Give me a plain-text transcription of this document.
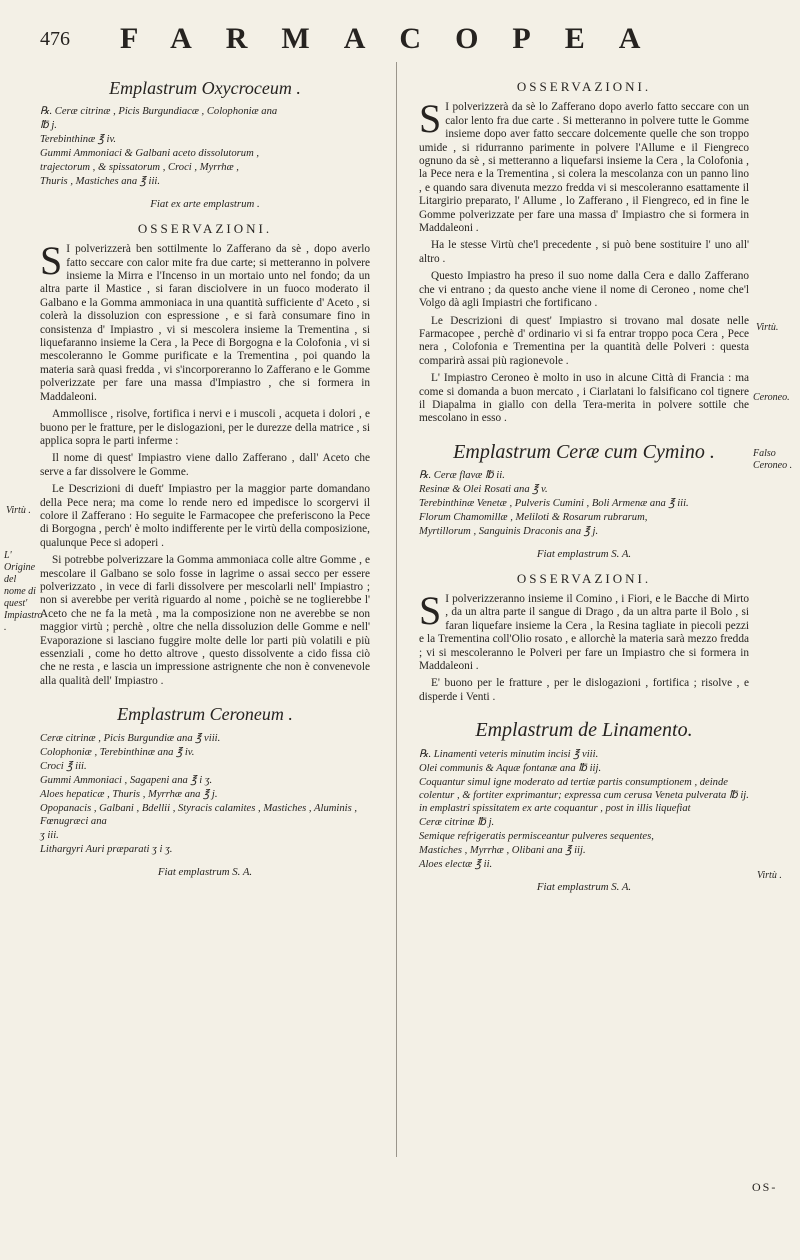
476 FARMACOPEA
Emplastrum Oxycroceum .
℞. Ceræ citrinæ , Picis Burgundiacæ , Colophoniæ ana
℔ j.
Terebinthinæ ℥ iv.
Gummi Ammoniaci & Galbani aceto dissolutorum ,
trajectorum , & spissatorum , Croci , Myrrhæ ,
Thuris , Mastiches ana ℥ iii.
Fiat ex arte emplastrum .
OSSERVAZIONI.

S I polverizzerà ben sottilmente lo Zafferano da sè , dopo averlo fatto seccare con calor mite fra due carte; si metteranno in polvere insieme la Mirra e l'Incenso in un mortaio unto nel fondo; da un altra parte il Mastice , si faran disciolvere in un fuoco moderato il Galbano e la Gomma ammoniaca in una quantità sufficiente d' Aceto , si colerà la dissoluzion con espressione , e si farà consumare fino in consistenza d' Impiastro , vi si mescolera insieme la Trementina , si liquefaranno insieme la Cera , la Pece di Borgogna e la Colofonia , vi si mescoleranno le Gomme purificate e la Trementina , poi quando la materia sarà quasi fredda , vi s'incorporeranno lo Zafferano e le Gomme polverizzate per fare una massa d'Impiastro , che si formera in Maddaleoni.

Ammollisce , risolve, fortifica i nervi e i muscoli , acqueta i dolori , e buono per le fratture, per le dislogazioni, per le durezze della matrice , si applica sopra le parti inferme :

Il nome di quest' Impiastro viene dallo Zafferano , dall' Aceto che serve a far dissolvere le Gomme.

Le Descrizioni di dueft' Impiastro per la maggior parte domandano della Pece nera; ma come lo rende nero ed impedisce lo scorgervi il colore il Zafferano : Ho seguite le Farmacopee che preferiscono la Pece di Borgogna , perch' è molto indifferente per le virtù della composizione, qualunque Pece si adoperi .

Si potrebbe polverizzare la Gomma ammoniaca colle altre Gomme , e mescolare il Galbano se solo fosse in lagrime o assai secco per essere polverizzato , in vece di farli dissolvere per mescolarli nell' Impiastro ; non si averebbe per verità riguardo al nome , poichè se ne toglierebbe l' Aceto che ne fa la metà , ma la composizione non ne averebbe se non maggior virtù ; perchè , oltre che nella dissoluzion delle Gomme e nell' Evaporazione si lasciano fuggire molte delle lor parti più volatili e più essenziali , come ho detto altrove , questo dissolvente a cido fissa ciò che ne resta , e lascia un impressione astrignente che non è convenevole alla qualità dell' Impiastro .

Emplastrum Ceroneum .
Ceræ citrinæ , Picis Burgundiæ ana ℥ viii.
Colophoniæ , Terebinthinæ ana ℥ iv.
Croci ℥ iii.
Gummi Ammoniaci , Sagapeni ana ℥ i ʒ.
Aloes hepaticæ , Thuris , Myrrhæ ana ℥ j.
Opopanacis , Galbani , Bdellii , Styracis calamites , Mastiches , Aluminis , Fœnugræci ana
ʒ iii.
Lithargyri Auri præparati ʒ i ʒ.
Fiat emplastrum S. A.
Virtù .
L' Origine del nome di quest' Impiastro .
OSSERVAZIONI.

S I polverizzerà da sè lo Zafferano dopo averlo fatto seccare con un calor lento fra due carte . Si metteranno in polvere tutte le Gomme insieme dopo aver fatto seccare dolcemente quelle che son troppo umide , si ridurranno parimente in polvere l'Allume e il Fiengreco ognuno da sè , si metteranno a liquefarsi insieme la Cera , la Colofonia , la Pece nera e la Trementina , si colera la mescolanza con un panno lino , e quando sara divenuta mezzo fredda vi si mescoleranno esattamente il Litargirio preparato, l' Allume , lo Zafferano , il Fiengreco, ed in fine le Gomme polverizzate per fare una massa d' Impiastro che si formera in Maddaleoni .

Ha le stesse Virtù che'l precedente , si può bene sostituire l' uno all' altro .

Questo Impiastro ha preso il suo nome dalla Cera e dallo Zafferano che vi entrano ; da questo anche viene il nome di Ceroneo , nome che'l Volgo dà agli Impiastri che fortificano .

Le Descrizioni di quest' Impiastro si trovano mal dosate nelle Farmacopee , perchè d' ordinario vi si fa entrar troppo poca Cera , Pece nera , Colofonia e Trementina per la quantità delle Polveri : questa comparirà assai più ragionevole .

L' Impiastro Ceroneo è molto in uso in alcune Città di Francia : ma come si domanda a buon mercato , i Ciarlatani lo falsificano col tignere il Diapalma in giallo con della Tera-merita in polvere sottile che mescolano in esso .

Emplastrum Ceræ cum Cymino .
℞. Ceræ flavæ ℔ ii.
Resinæ & Olei Rosati ana ℥ v.
Terebinthinæ Venetæ , Pulveris Cumini , Boli Armenæ ana ℥ iii.
Florum Chamomillæ , Meliloti & Rosarum rubrarum,
Myrtillorum , Sanguinis Draconis ana ℥ j.
Fiat emplastrum S. A.
OSSERVAZIONI.

S I polverizzeranno insieme il Comino , i Fiori, e le Bacche di Mirto , da un altra parte il sangue di Drago , da un altra parte il Bolo , si faran liquefare insieme la Cera , la Resina tagliate in piecoli pezzi e la Trementina coll'Olio rosato , e allorchè la materia sarà mezzo fredda ; vi si mescoleranno le Polveri per fare un Impiastro che si formera in Maddaleoni .

E' buono per le fratture , per le dislogazioni , fortifica ; risolve , e disperde i Venti .

Emplastrum de Linamento.
℞. Linamenti veteris minutim incisi ℥ viii.
Olei communis & Aquæ fontanæ ana ℔ iij.
Coquantur simul igne moderato ad tertiæ partis consumptionem , deinde colentur , & fortiter exprimantur; expressa cum cerusa Veneta pulverata ℔ ij. in emplastri spissitatem ex arte coquantur , post in illis liquefiat
Ceræ citrinæ ℔ j.
Semique refrigeratis permisceantur pulveres sequentes,
Mastiches , Myrrhæ , Olibani ana ℥ iij.
Aloes electæ ℥ ii.
Fiat emplastrum S. A.
Virtù.
Ceroneo.
Falso Ceroneo .
Virtù .
OS-
